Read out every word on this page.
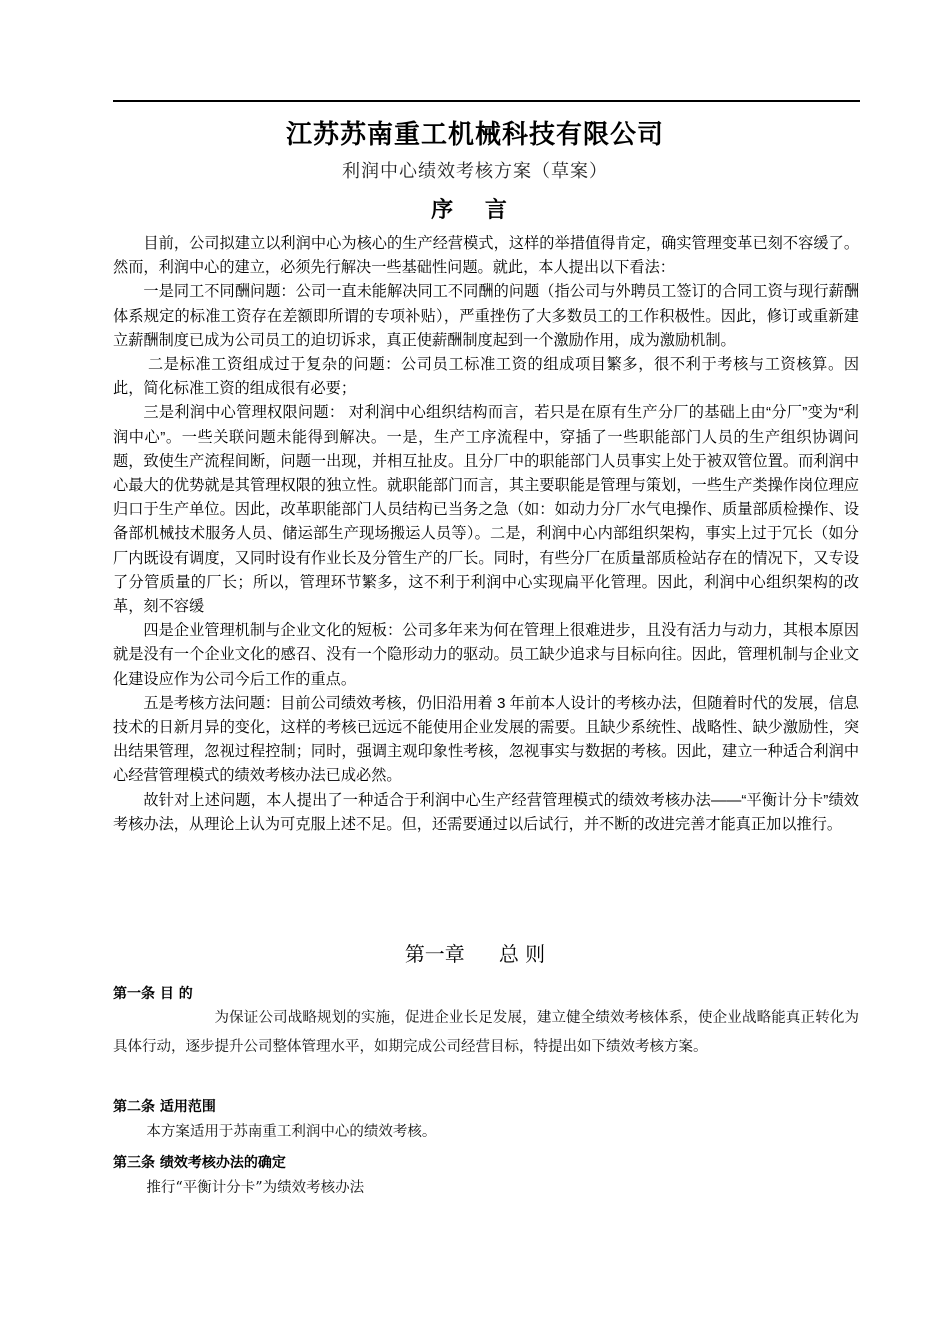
江苏苏南重工机械科技有限公司
利润中心绩效考核方案（草案）
序 言

目前，公司拟建立以利润中心为核心的生产经营模式，这样的举措值得肯定，确实管理变革已刻不容缓了。然而，利润中心的建立，必须先行解决一些基础性问题。就此，本人提出以下看法：

一是同工不同酬问题：公司一直未能解决同工不同酬的问题（指公司与外聘员工签订的合同工资与现行薪酬体系规定的标准工资存在差额即所谓的专项补贴），严重挫伤了大多数员工的工作积极性。因此，修订或重新建立薪酬制度已成为公司员工的迫切诉求，真正使薪酬制度起到一个激励作用，成为激励机制。

二是标准工资组成过于复杂的问题：公司员工标准工资的组成项目繁多，很不利于考核与工资核算。因此，简化标准工资的组成很有必要；

三是利润中心管理权限问题： 对利润中心组织结构而言，若只是在原有生产分厂的基础上由“分厂”变为“利润中心”。一些关联问题未能得到解决。一是，生产工序流程中，穿插了一些职能部门人员的生产组织协调问题，致使生产流程间断，问题一出现，并相互扯皮。且分厂中的职能部门人员事实上处于被双管位置。而利润中心最大的优势就是其管理权限的独立性。就职能部门而言，其主要职能是管理与策划，一些生产类操作岗位理应归口于生产单位。因此，改革职能部门人员结构已当务之急（如：如动力分厂水气电操作、质量部质检操作、设备部机械技术服务人员、储运部生产现场搬运人员等）。二是，利润中心内部组织架构，事实上过于冗长（如分厂内既设有调度，又同时设有作业长及分管生产的厂长。同时，有些分厂在质量部质检站存在的情况下，又专设了分管质量的厂长；所以，管理环节繁多，这不利于利润中心实现扁平化管理。因此，利润中心组织架构的改革，刻不容缓

四是企业管理机制与企业文化的短板：公司多年来为何在管理上很难进步，且没有活力与动力，其根本原因就是没有一个企业文化的感召、没有一个隐形动力的驱动。员工缺少追求与目标向往。因此，管理机制与企业文化建设应作为公司今后工作的重点。

五是考核方法问题：目前公司绩效考核，仍旧沿用着 3 年前本人设计的考核办法，但随着时代的发展，信息技术的日新月异的变化，这样的考核已远远不能使用企业发展的需要。且缺少系统性、战略性、缺少激励性，突出结果管理，忽视过程控制；同时，强调主观印象性考核，忽视事实与数据的考核。因此，建立一种适合利润中心经营管理模式的绩效考核办法已成必然。

故针对上述问题，本人提出了一种适合于利润中心生产经营管理模式的绩效考核办法——“平衡计分卡”绩效考核办法，从理论上认为可克服上述不足。但，还需要通过以后试行，并不断的改进完善才能真正加以推行。

第一章 总 则
第一条 目 的

为保证公司战略规划的实施，促进企业长足发展，建立健全绩效考核体系，使企业战略能真正转化为具体行动，逐步提升公司整体管理水平，如期完成公司经营目标，特提出如下绩效考核方案。

第二条 适用范围

本方案适用于苏南重工利润中心的绩效考核。

第三条 绩效考核办法的确定

推行“平衡计分卡”为绩效考核办法
